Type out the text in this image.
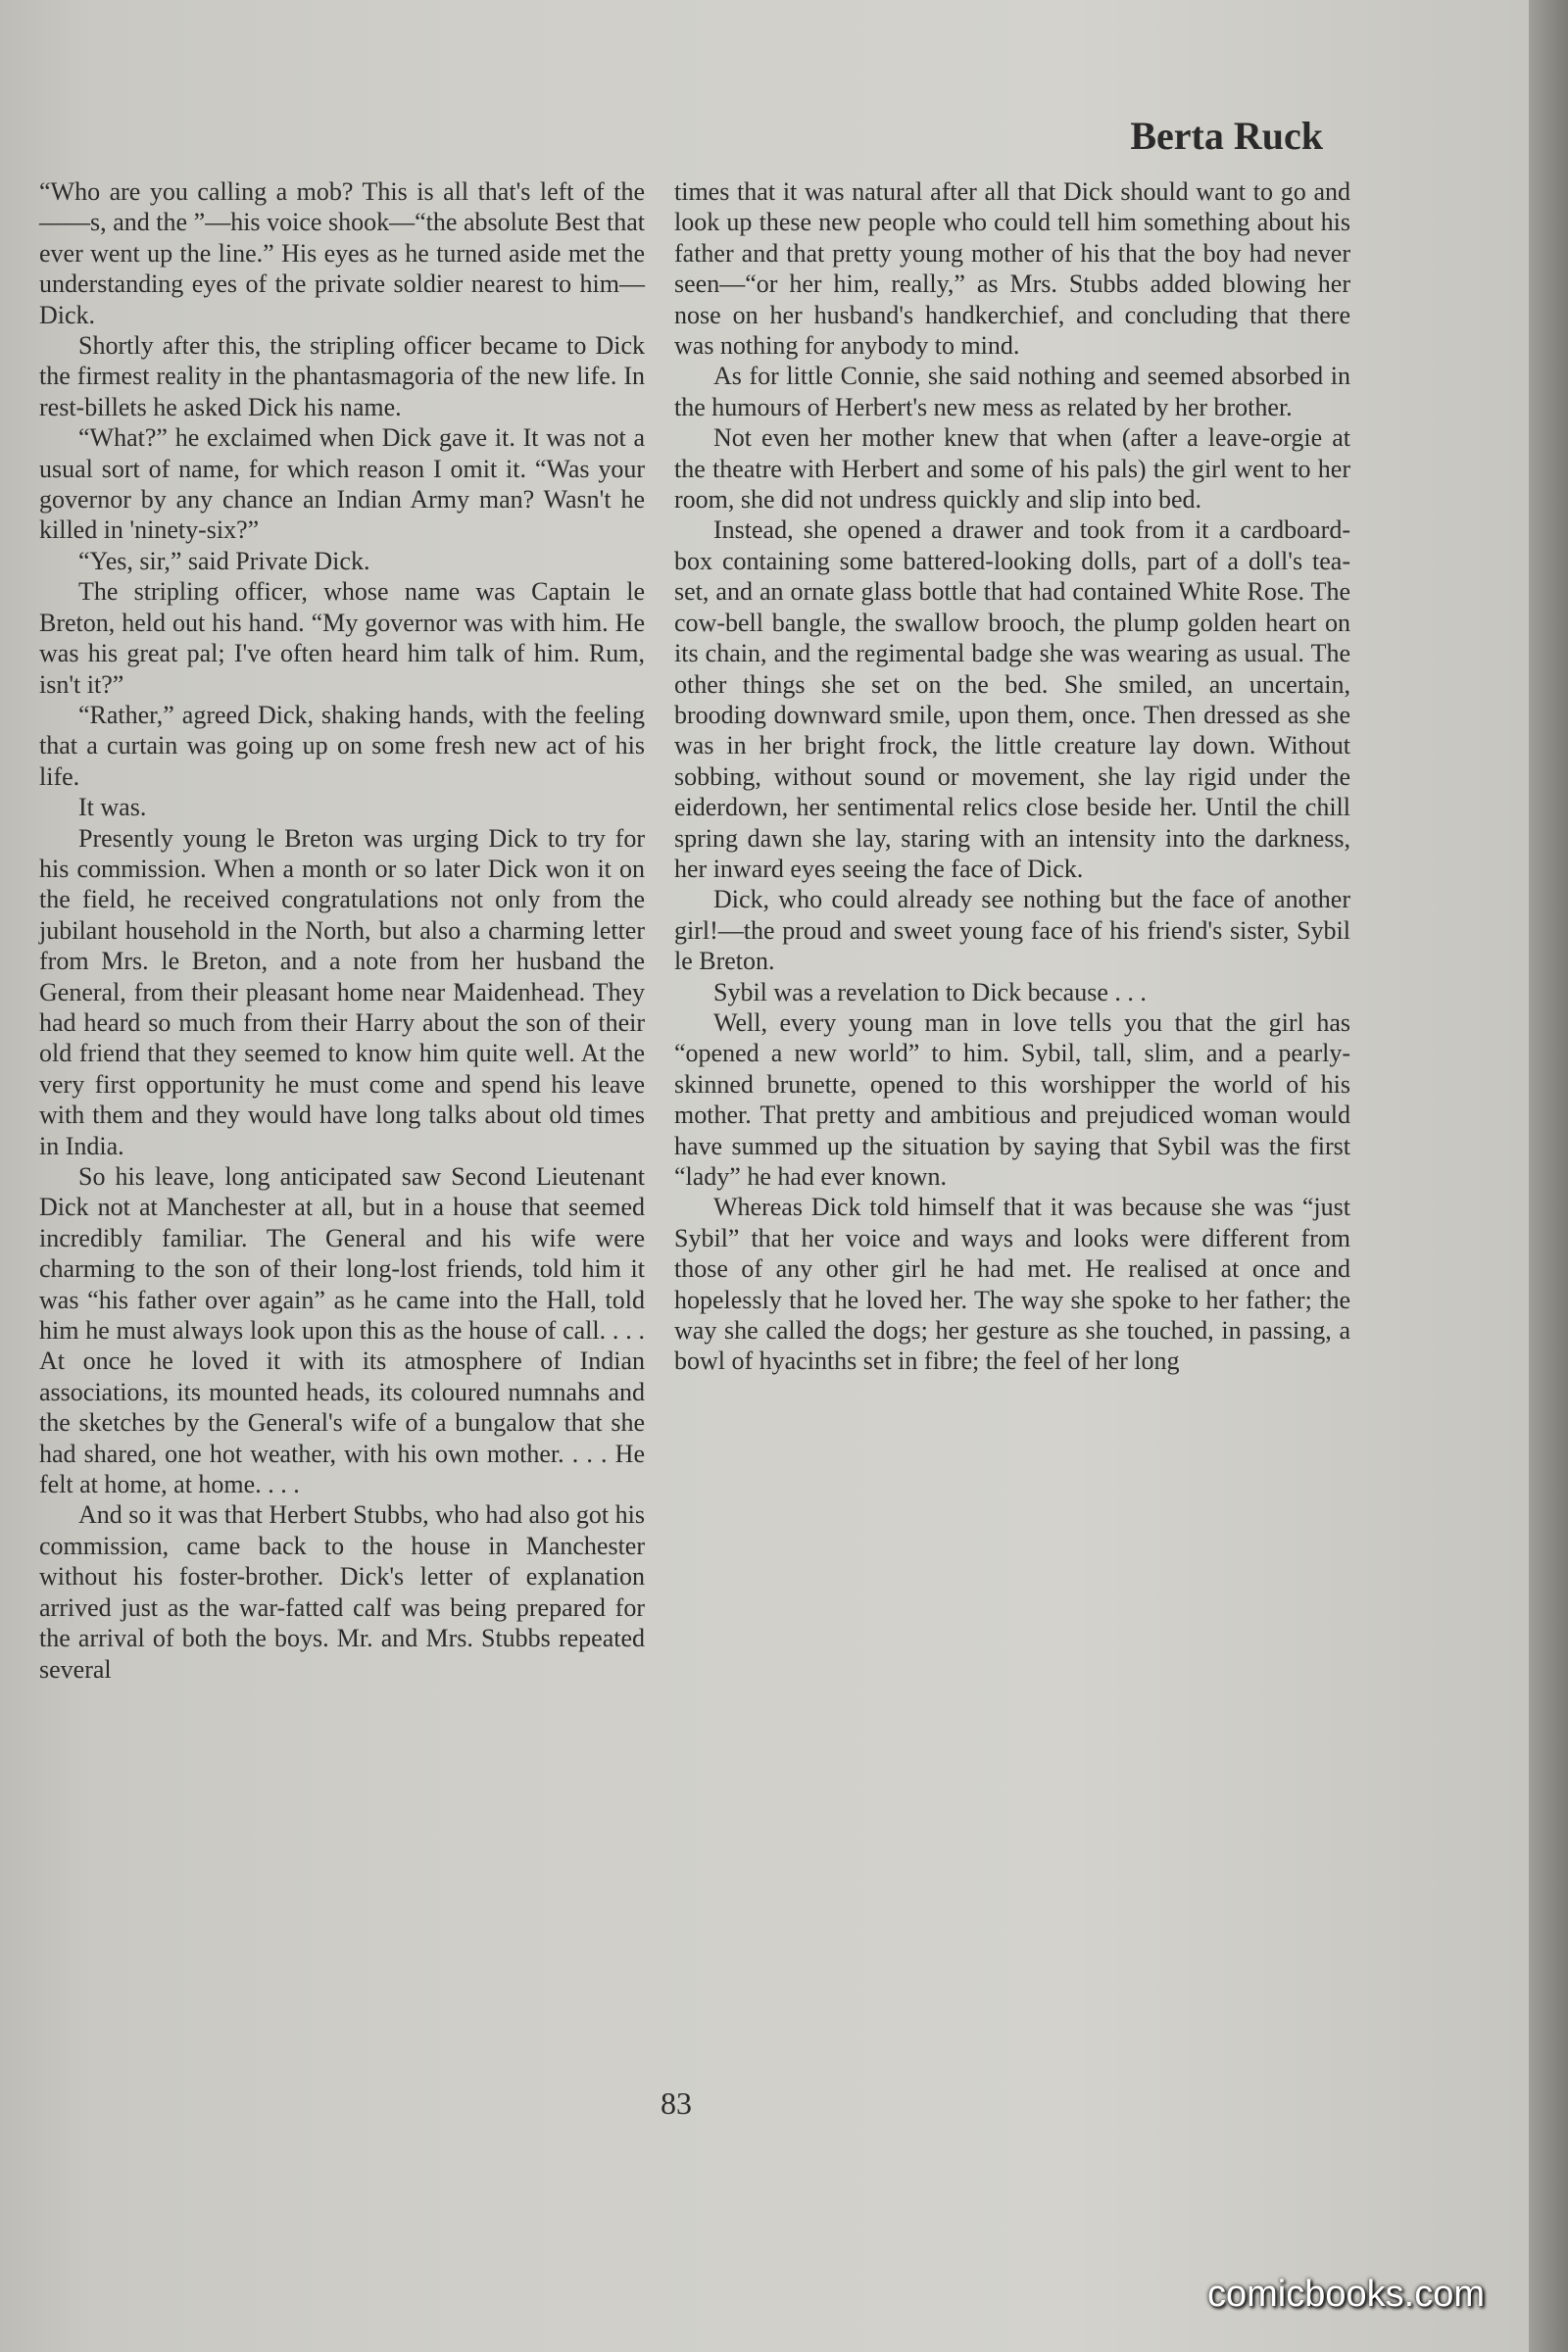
Berta Ruck

“Who are you calling a mob? This is all that's left of the ——s, and the ”—his voice shook—“the absolute Best that ever went up the line.” His eyes as he turned aside met the understanding eyes of the private soldier nearest to him—Dick.

Shortly after this, the stripling officer became to Dick the firmest reality in the phantasmagoria of the new life. In rest-billets he asked Dick his name.

“What?” he exclaimed when Dick gave it. It was not a usual sort of name, for which reason I omit it. “Was your governor by any chance an Indian Army man? Wasn't he killed in 'ninety-six?”

“Yes, sir,” said Private Dick.

The stripling officer, whose name was Captain le Breton, held out his hand. “My governor was with him. He was his great pal; I've often heard him talk of him. Rum, isn't it?”

“Rather,” agreed Dick, shaking hands, with the feeling that a curtain was going up on some fresh new act of his life.

It was.

Presently young le Breton was urging Dick to try for his commission. When a month or so later Dick won it on the field, he received congratulations not only from the jubilant household in the North, but also a charming letter from Mrs. le Breton, and a note from her husband the General, from their pleasant home near Maidenhead. They had heard so much from their Harry about the son of their old friend that they seemed to know him quite well. At the very first opportunity he must come and spend his leave with them and they would have long talks about old times in India.

So his leave, long anticipated saw Second Lieutenant Dick not at Manchester at all, but in a house that seemed incredibly familiar. The General and his wife were charming to the son of their long-lost friends, told him it was “his father over again” as he came into the Hall, told him he must always look upon this as the house of call. . . . At once he loved it with its atmosphere of Indian associations, its mounted heads, its coloured numnahs and the sketches by the General's wife of a bungalow that she had shared, one hot weather, with his own mother. . . . He felt at home, at home. . . .

And so it was that Herbert Stubbs, who had also got his commission, came back to the house in Manchester without his foster-brother. Dick's letter of explanation arrived just as the war-fatted calf was being prepared for the arrival of both the boys. Mr. and Mrs. Stubbs repeated several

times that it was natural after all that Dick should want to go and look up these new people who could tell him something about his father and that pretty young mother of his that the boy had never seen—“or her him, really,” as Mrs. Stubbs added blowing her nose on her husband's handkerchief, and concluding that there was nothing for anybody to mind.

As for little Connie, she said nothing and seemed absorbed in the humours of Herbert's new mess as related by her brother.

Not even her mother knew that when (after a leave-orgie at the theatre with Herbert and some of his pals) the girl went to her room, she did not undress quickly and slip into bed.

Instead, she opened a drawer and took from it a cardboard-box containing some battered-looking dolls, part of a doll's tea-set, and an ornate glass bottle that had contained White Rose. The cow-bell bangle, the swallow brooch, the plump golden heart on its chain, and the regimental badge she was wearing as usual. The other things she set on the bed. She smiled, an uncertain, brooding downward smile, upon them, once. Then dressed as she was in her bright frock, the little creature lay down. Without sobbing, without sound or movement, she lay rigid under the eiderdown, her sentimental relics close beside her. Until the chill spring dawn she lay, staring with an intensity into the darkness, her inward eyes seeing the face of Dick.

Dick, who could already see nothing but the face of another girl!—the proud and sweet young face of his friend's sister, Sybil le Breton.

Sybil was a revelation to Dick because . . .

Well, every young man in love tells you that the girl has “opened a new world” to him. Sybil, tall, slim, and a pearly-skinned brunette, opened to this worshipper the world of his mother. That pretty and ambitious and prejudiced woman would have summed up the situation by saying that Sybil was the first “lady” he had ever known.

Whereas Dick told himself that it was because she was “just Sybil” that her voice and ways and looks were different from those of any other girl he had met. He realised at once and hopelessly that he loved her. The way she spoke to her father; the way she called the dogs; her gesture as she touched, in passing, a bowl of hyacinths set in fibre; the feel of her long

83
comicbooks.com
